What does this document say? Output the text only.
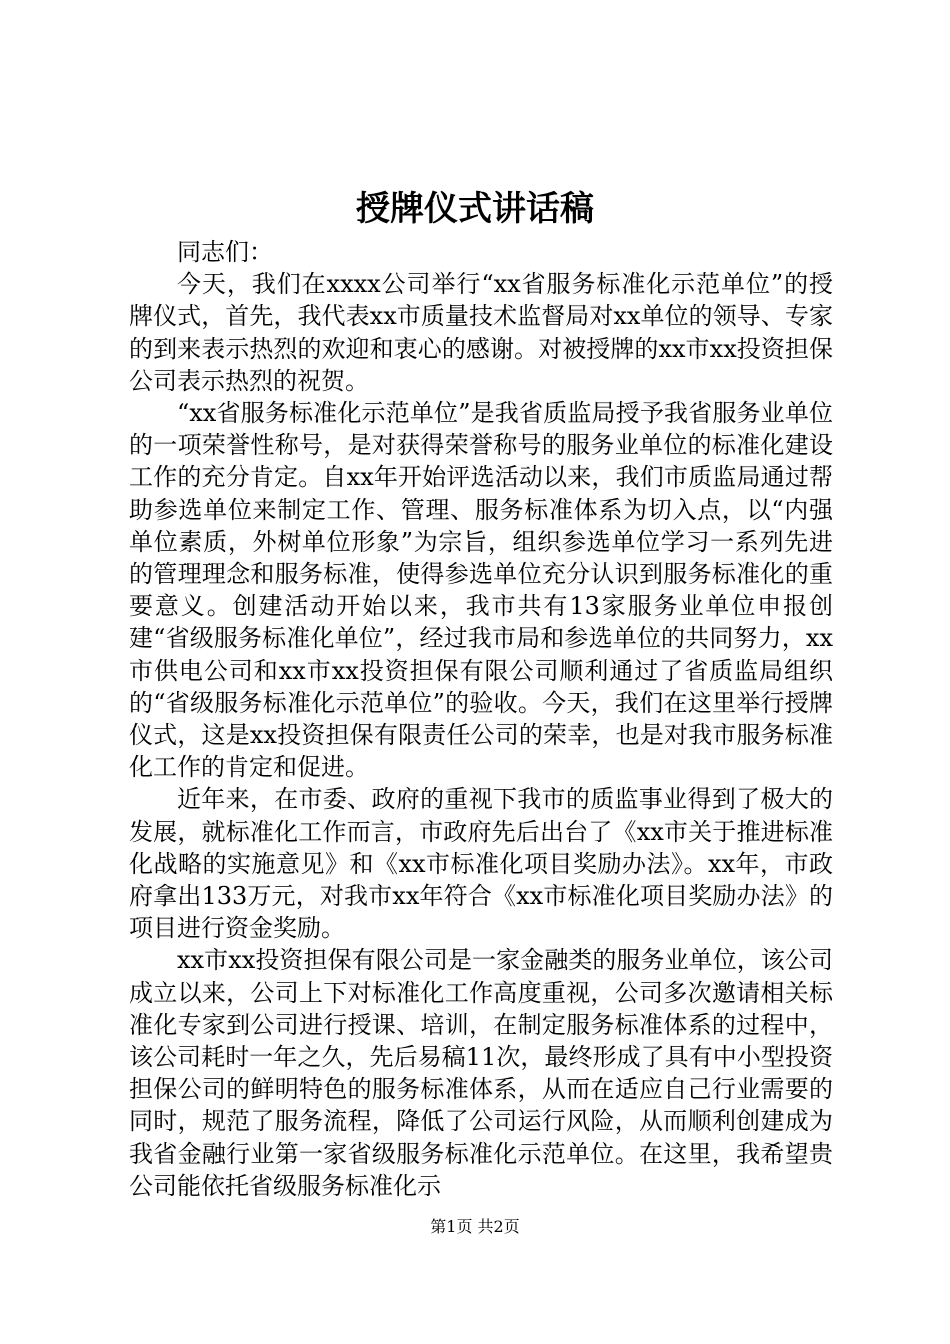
授牌仪式讲话稿

同志们：

今天，我们在xxxx公司举行“xx省服务标准化示范单位”的授牌仪式，首先，我代表xx市质量技术监督局对xx单位的领导、专家的到来表示热烈的欢迎和衷心的感谢。对被授牌的xx市xx投资担保公司表示热烈的祝贺。

“xx省服务标准化示范单位”是我省质监局授予我省服务业单位的一项荣誉性称号，是对获得荣誉称号的服务业单位的标准化建设工作的充分肯定。自xx年开始评选活动以来，我们市质监局通过帮助参选单位来制定工作、管理、服务标准体系为切入点，以“内强单位素质，外树单位形象”为宗旨，组织参选单位学习一系列先进的管理理念和服务标准，使得参选单位充分认识到服务标准化的重要意义。创建活动开始以来，我市共有13家服务业单位申报创建“省级服务标准化单位”，经过我市局和参选单位的共同努力，xx市供电公司和xx市xx投资担保有限公司顺利通过了省质监局组织的“省级服务标准化示范单位”的验收。今天，我们在这里举行授牌仪式，这是xx投资担保有限责任公司的荣幸，也是对我市服务标准化工作的肯定和促进。

近年来，在市委、政府的重视下我市的质监事业得到了极大的发展，就标准化工作而言，市政府先后出台了《xx市关于推进标准化战略的实施意见》和《xx市标准化项目奖励办法》。xx年，市政府拿出133万元，对我市xx年符合《xx市标准化项目奖励办法》的项目进行资金奖励。

xx市xx投资担保有限公司是一家金融类的服务业单位，该公司成立以来，公司上下对标准化工作高度重视，公司多次邀请相关标准化专家到公司进行授课、培训，在制定服务标准体系的过程中，该公司耗时一年之久，先后易稿11次，最终形成了具有中小型投资担保公司的鲜明特色的服务标准体系，从而在适应自己行业需要的同时，规范了服务流程，降低了公司运行风险，从而顺利创建成为我省金融行业第一家省级服务标准化示范单位。在这里，我希望贵公司能依托省级服务标准化示

第1页 共2页
